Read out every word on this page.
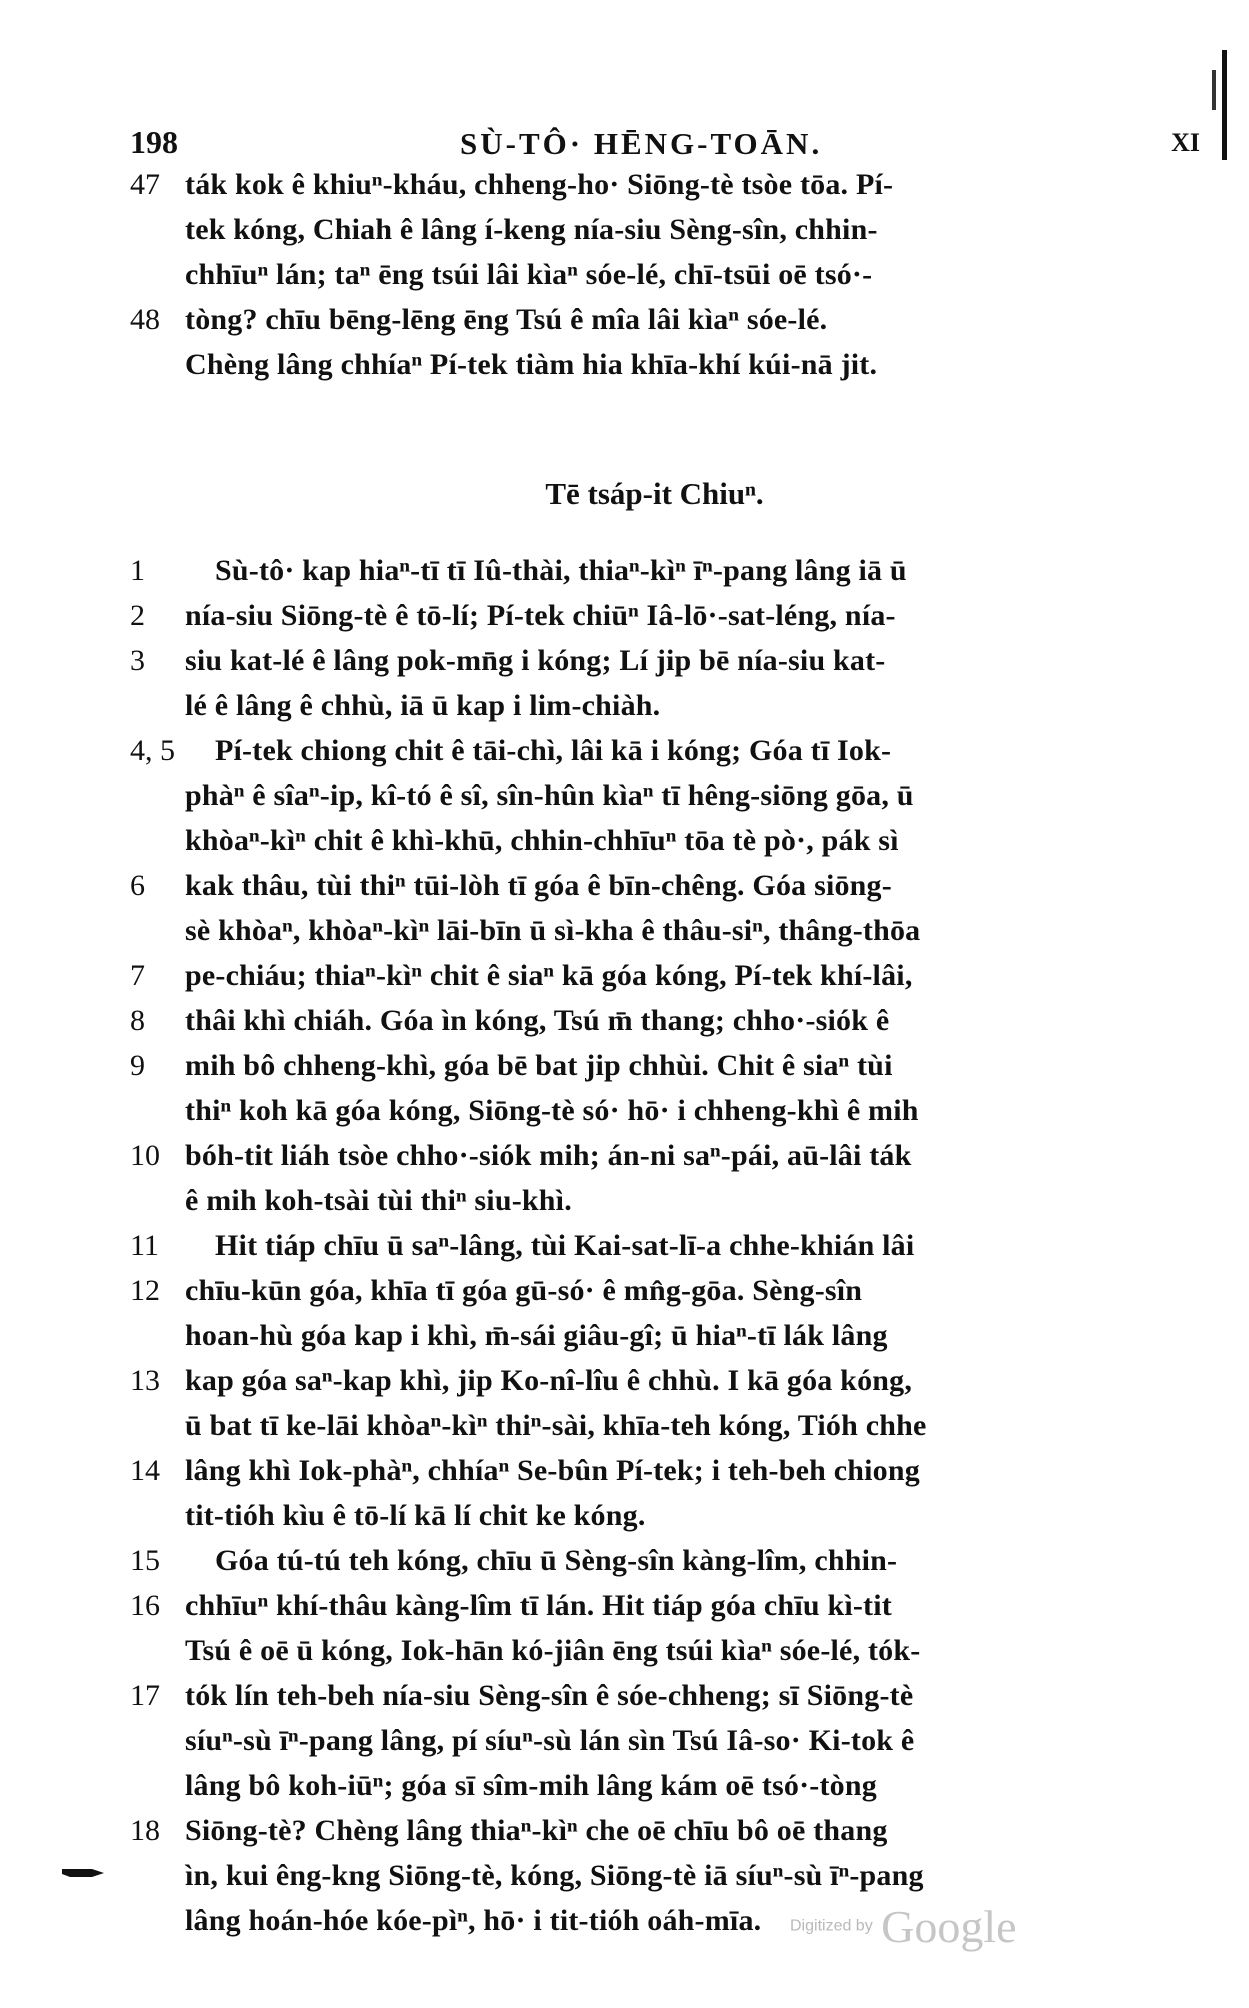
198	SÙ-TÔ· HĒNG-TOĀN.	XI
47 ták kok ê khiuⁿ-kháu, chheng-ho· Siōng-tè tsòe tōa. Pí-
tek kóng, Chiah ê lâng í-keng nía-siu Sèng-sîn, chhin-
chhīuⁿ lán; taⁿ ēng tsúi lâi kìaⁿ sóe-lé, chī-tsūi oē tsó·-
48 tòng? chīu bēng-lēng ēng Tsú ê mîa lâi kìaⁿ sóe-lé.
Chèng lâng chhíaⁿ Pí-tek tiàm hia khīa-khí kúi-nā jit.
Tē tsáp-it Chiuⁿ.
1	Sù-tô· kap hiaⁿ-tī tī Iû-thài, thiaⁿ-kìⁿ īⁿ-pang lâng iā ū
2	nía-siu Siōng-tè ê tō-lí; Pí-tek chiūⁿ Iâ-lō·-sat-léng, nía-
3	siu kat-lé ê lâng pok-mn̄g i kóng; Lí jip bē nía-siu kat-
lé ê lâng ê chhù, iā ū kap i lim-chiàh.
4, 5 Pí-tek chiong chit ê tāi-chì, lâi kā i kóng; Góa tī Iok-
phàⁿ ê sîaⁿ-ip, kî-tó ê sî, sîn-hûn kìaⁿ tī hêng-siōng gōa, ū
khòaⁿ-kìⁿ chit ê khì-khū, chhin-chhīuⁿ tōa tè pò·, pák sì
6	kak thâu, tùi thiⁿ tūi-lòh tī góa ê bīn-chêng. Góa siōng-
sè khòaⁿ, khòaⁿ-kìⁿ lāi-bīn ū sì-kha ê thâu-siⁿ, thâng-thōa
7	pe-chiáu; thiaⁿ-kìⁿ chit ê siaⁿ kā góa kóng, Pí-tek khí-lâi,
8	thâi khì chiáh. Góa ìn kóng, Tsú m̄ thang; chho·-siók ê
9	mih bô chheng-khì, góa bē bat jip chhùi. Chit ê siaⁿ tùi
thiⁿ koh kā góa kóng, Siōng-tè só· hō· i chheng-khì ê mih
10 bóh-tit liáh tsòe chho·-siók mih; án-ni saⁿ-pái, aū-lâi ták
ê mih koh-tsài tùi thiⁿ siu-khì.
11	Hit tiáp chīu ū saⁿ-lâng, tùi Kai-sat-lī-a chhe-khián lâi
12 chīu-kūn góa, khīa tī góa gū-só· ê mn̂g-gōa. Sèng-sîn
hoan-hù góa kap i khì, m̄-sái giâu-gî; ū hiaⁿ-tī lák lâng
13 kap góa saⁿ-kap khì, jip Ko-nî-lîu ê chhù. I kā góa kóng,
ū bat tī ke-lāi khòaⁿ-kìⁿ thiⁿ-sài, khīa-teh kóng, Tióh chhe
14 lâng khì Iok-phàⁿ, chhíaⁿ Se-bûn Pí-tek; i teh-beh chiong
tit-tióh kìu ê tō-lí kā lí chit ke kóng.
15	Góa tú-tú teh kóng, chīu ū Sèng-sîn kàng-lîm, chhin-
16 chhīuⁿ khí-thâu kàng-lîm tī lán. Hit tiáp góa chīu kì-tit
Tsú ê oē ū kóng, Iok-hān kó-jiân ēng tsúi kìaⁿ sóe-lé, tók-
17 tók lín teh-beh nía-siu Sèng-sîn ê sóe-chheng; sī Siōng-tè
síuⁿ-sù īⁿ-pang lâng, pí síuⁿ-sù lán sìn Tsú Iâ-so· Ki-tok ê
lâng bô koh-iūⁿ; góa sī sîm-mih lâng kám oē tsó·-tòng
18 Siōng-tè? Chèng lâng thiaⁿ-kìⁿ che oē chīu bô oē thang
ìn, kui êng-kng Siōng-tè, kóng, Siōng-tè iā síuⁿ-sù īⁿ-pang
lâng hoán-hóe kóe-pìⁿ, hō· i tit-tióh oáh-mīa. Digitized by Google
